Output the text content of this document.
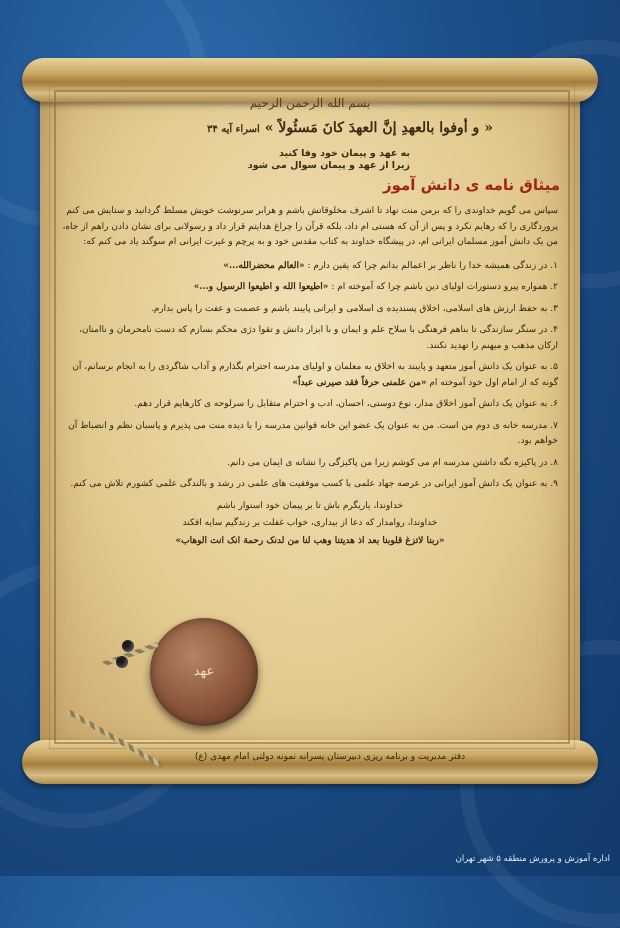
بسم الله الرحمن الرحیم
« و أوفوا بالعهدِ إنَّ العهدَ کانَ مَسئُولاً » اسراء آیه ۳۴
به عهد و پیمان خود وفا کنید
زیرا از عهد و پیمان سوال می شود
میثاق نامه ی دانش آموز

سپاس می گویم خداوندی را که برمن منت نهاد تا اشرف مخلوقاتش باشم و هرابر سرنوشت خویش مسلط گردانید و ستایش می کنم پروردگاری را که رهایم نکرد و پس از آن که هستی ام داد، بلکه قرآن را چراغ هدایتم قرار داد و رسولانی برای نشان دادن راهم از جاه، من یک دانش آموز مسلمان ایرانی ام، در پیشگاه خداوند به کتاب مقدس خود و به پرچم و غیرت ایرانی ام سوگند یاد می کنم که:

۱. در زندگی همیشه خدا را ناظر بر اعمالم بدانم چرا که یقین دارم : «العالم محضرالله...»
۲. همواره پیرو دستورات اولیای دین باشم چرا که آموخته ام : «اطیعوا الله و اطیعوا الرسول و...»
۳. به حفظ ارزش های اسلامی، اخلاق پسندیده ی اسلامی و ایرانی پایبند باشم و عصمت و عفت را پاس بدارم.
۴. در سنگر سازندگی تا بناهم فرهنگی با سلاح علم و ایمان و با ابزار دانش و تقوا دژی محکم بسازم که دست نامحرمان و ناامنان، ارکان مذهب و میهنم را تهدید نکنند.
۵. به عنوان یک دانش آموز متعهد و پایبند به اخلاق به معلمان و اولیای مدرسه احترام بگذارم و آداب شاگردی را به انجام برسانم، آن گونه که از امام اول خود آموخته ام «من علمنی حرفاً فقد صیرنی عبداً»
۶. به عنوان یک دانش آموز اخلاق مدار، نوع دوستی، احسان، ادب و احترام متقابل را سرلوحه ی کارهایم قرار دهم.
۷. مدرسه خانه ی دوم من است. من به عنوان یک عضو این خانه قوانین مدرسه را با دیده منت می پذیرم و پاسبان نظم و انضباط آن خواهم بود.
۸. در پاکیزه نگه داشتن مدرسه ام می کوشم زیرا من پاکیزگی را نشانه ی ایمان می دانم.
۹. به عنوان یک دانش آموز ایرانی در عرصه جهاد علمی با کسب موفقیت های علمی در رشد و بالندگی علمی کشورم تلاش می کنم.
خداوندا، یاریگرم باش تا بر پیمان خود استوار باشم
خداوندا، روامدار که دعا از بیداری، خواب غفلت بر زندگیم سایه افکند
«ربنا لاتزغ قلوبنا بعد اذ هدیتنا وهب لنا من لدنک رحمة انک انت الوهاب»
عهد
دفتر مدیریت و برنامه ریزی دبیرستان پسرانه نمونه دولتی امام مهدی (ع)
اداره آموزش و پرورش منطقه ۵ شهر تهران
